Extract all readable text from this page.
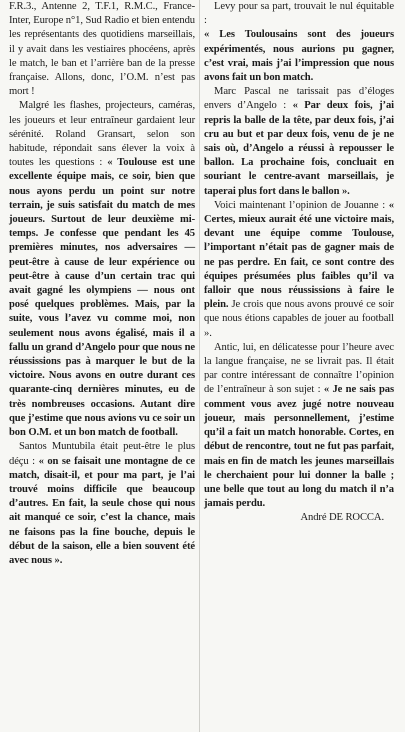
F.R.3., Antenne 2, T.F.1, R.M.C., France-Inter, Europe n°1, Sud Radio et bien entendu les représentants des quotidiens marseillais, il y avait dans les vestiaires phocéens, après le match, le ban et l’arrière ban de la presse française. Allons, donc, l’O.M. n’est pas mort !

Malgré les flashes, projecteurs, caméras, les joueurs et leur entraîneur gardaient leur sérénité. Roland Gransart, selon son habitude, répondait sans élever la voix à toutes les questions : « Toulouse est une excellente équipe mais, ce soir, bien que nous ayons perdu un point sur notre terrain, je suis satisfait du match de mes joueurs. Surtout de leur deuxième mi-temps. Je confesse que pendant les 45 premières minutes, nos adversaires — peut-être à cause de leur expérience ou peut-être à cause d’un certain trac qui avait gagné les olympiens — nous ont posé quelques problèmes. Mais, par la suite, vous l’avez vu comme moi, non seulement nous avons égalisé, mais il a fallu un grand d’Angelo pour que nous ne réussissions pas à marquer le but de la victoire. Nous avons en outre durant ces quarante-cinq dernières minutes, eu de très nombreuses occasions. Autant dire que j’estime que nous avions vu ce soir un bon O.M. et un bon match de football.

Santos Muntubila était peut-être le plus déçu : « on se faisait une montagne de ce match, disait-il, et pour ma part, je l’ai trouvé moins difficile que beaucoup d’autres. En fait, la seule chose qui nous ait manqué ce soir, c’est la chance, mais ne faisons pas la fine bouche, depuis le début de la saison, elle a bien souvent été avec nous ».

Levy pour sa part, trouvait le nul équitable :

« Les Toulousains sont des joueurs expérimentés, nous aurions pu gagner, c’est vrai, mais j’ai l’impression que nous avons fait un bon match.

Marc Pascal ne tarissait pas d’éloges envers d’Angelo : « Par deux fois, j’ai repris la balle de la tête, par deux fois, j’ai cru au but et par deux fois, venu de je ne sais où, d’Angelo a réussi à repousser le ballon. La prochaine fois, concluait en souriant le centre-avant marseillais, je taperai plus fort dans le ballon ».

Voici maintenant l’opinion de Jouanne : « Certes, mieux aurait été une victoire mais, devant une équipe comme Toulouse, l’important n’était pas de gagner mais de ne pas perdre. En fait, ce sont contre des équipes présumées plus faibles qu’il va falloir que nous réussissions à faire le plein. Je crois que nous avons prouvé ce soir que nous étions capables de jouer au football ».

Antic, lui, en délicatesse pour l’heure avec la langue française, ne se livrait pas. Il était par contre intéressant de connaître l’opinion de l’entraîneur à son sujet : « Je ne sais pas comment vous avez jugé notre nouveau joueur, mais personnellement, j’estime qu’il a fait un match honorable. Cortes, en début de rencontre, tout ne fut pas parfait, mais en fin de match les jeunes marseillais le cherchaient pour lui donner la balle ; une belle que tout au long du match il n’a jamais perdu.

André DE ROCCA.
